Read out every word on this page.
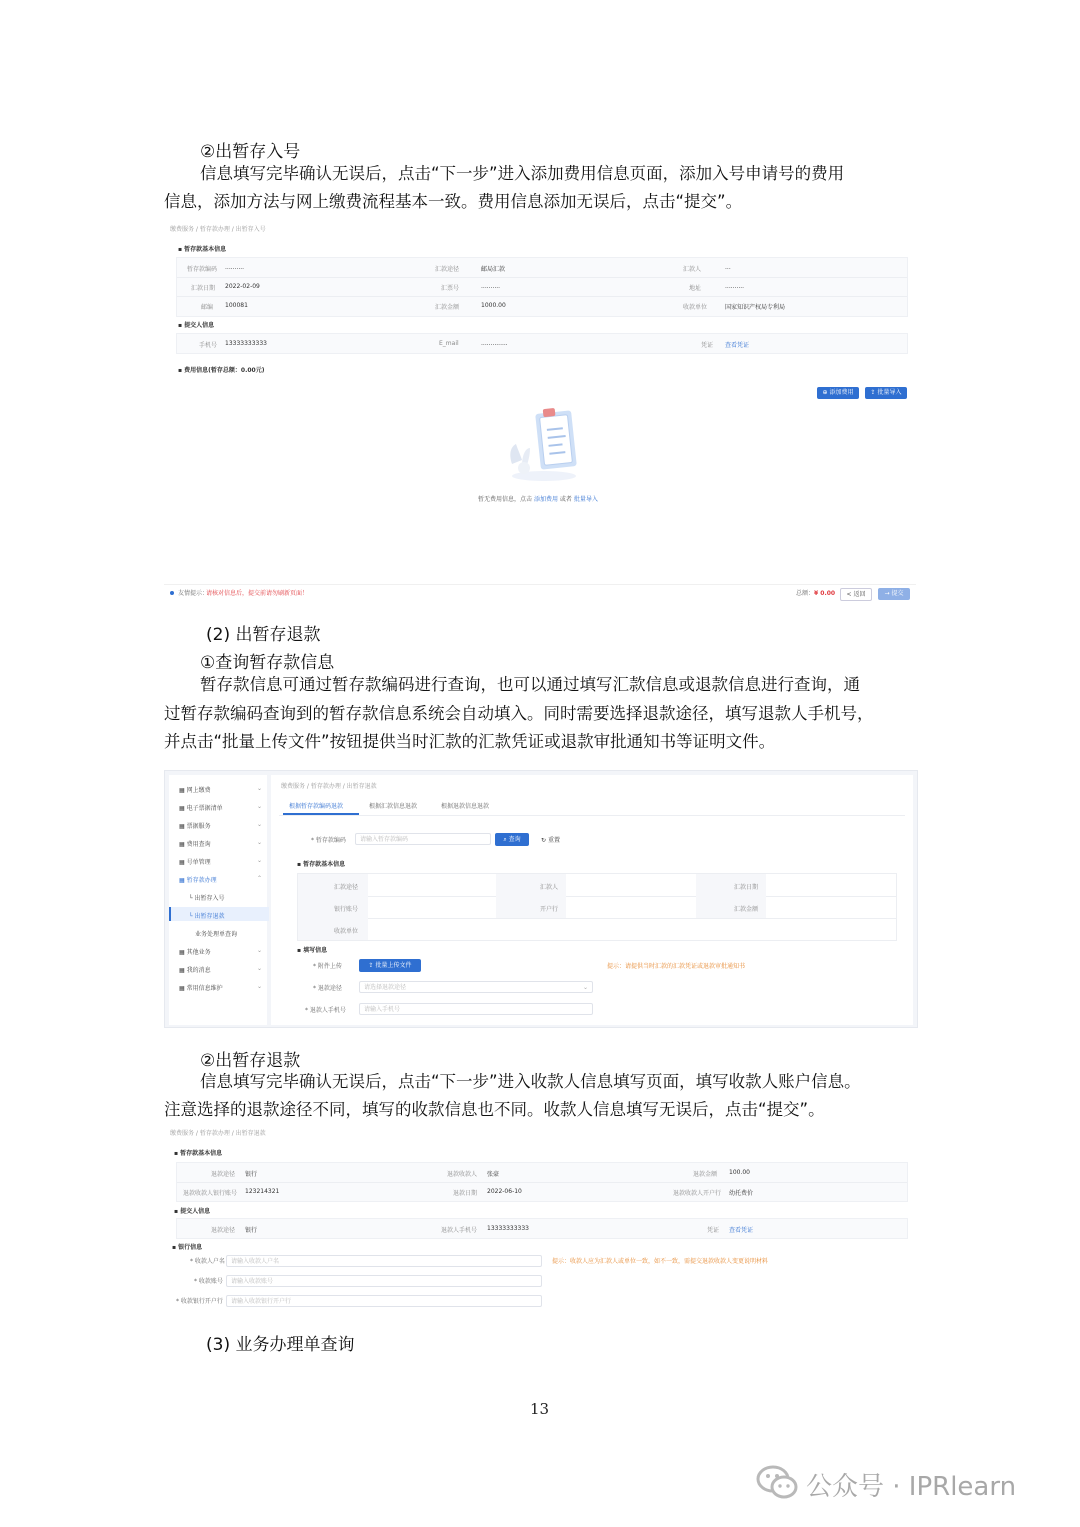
②出暂存入号
信息填写完毕确认无误后，点击“下一步”进入添加费用信息页面，添加入号申请号的费用
信息，添加方法与网上缴费流程基本一致。费用信息添加无误后，点击“提交”。
缴费服务 / 暂存款办理 / 出暂存入号
▪ 暂存款基本信息
暂存款编码 ..........	汇款途径	邮局汇款	汇款人	...
汇款日期 2022-02-09	汇票号	..........	地址	..........
邮编 100081	汇款金额	1000.00	收款单位	国家知识产权局专利局
▪ 提交人信息
手机号 13333333333	E_mail	..............	凭证 查看凭证
▪ 费用信息(暂存总额：0.00元)
⊕ 添加费用	⇪ 批量导入
暂无费用信息，点击 添加费用 或者 批量导入
友情提示：
请核对信息后，提交前请勿刷新页面！	总额： ¥ 0.00	< 返回	→ 提交
(2) 出暂存退款
①查询暂存款信息
暂存款信息可通过暂存款编码进行查询，也可以通过填写汇款信息或退款信息进行查询，通
过暂存款编码查询到的暂存款信息系统会自动填入。同时需要选择退款途径，填写退款人手机号，
并点击“批量上传文件”按钮提供当时汇款的汇款凭证或退款审批通知书等证明文件。
▦ 网上缴费	⌄
▦ 电子票据清单	⌄
▦ 票据服务	⌄
▦ 费用查询	⌄
▦ 号单管理	⌄
▦ 暂存款办理	⌃
└ 出暂存入号
└ 出暂存退款
业务处理单查询
▦ 其他业务	⌄
▦ 我的消息	⌄
▦ 常用信息维护	⌄
缴费服务 / 暂存款办理 / 出暂存退款
根据暂存款编码退款	根据汇款信息退款	根据退款信息退款
* 暂存款编码	请输入暂存款编码	⌕ 查询	↻ 重置
▪ 暂存款基本信息
汇款途径	汇款人	汇款日期
银行账号	开户行	汇款金额
收款单位
▪ 填写信息
* 附件上传	⇪ 批量上传文件	提示：请提供当时汇款的汇款凭证或退款审批通知书
* 退款途径	请选择退款途径	⌄
* 退款人手机号	请输入手机号
②出暂存退款
信息填写完毕确认无误后，点击“下一步”进入收款人信息填写页面，填写收款人账户信息。
注意选择的退款途径不同，填写的收款信息也不同。收款人信息填写无误后，点击“提交”。
缴费服务 / 暂存款办理 / 出暂存退款
▪ 暂存款基本信息
退款途径 银行	退款收款人 张豪	退款金额 100.00
退款收款人银行账号 123214321	退款日期 2022-06-10	退款收款人开户行 幼托费价
▪ 提交人信息
退款途径 银行	退款人手机号 13333333333	凭证 查看凭证
▪ 银行信息
* 收款人户名	请输入收款人户名	提示：收款人应为汇款人或单位一致，如不一致，需提交退款收款人变更说明材料
* 收款账号	请输入收款账号
* 收款银行开户行	请输入收款银行开户行
(3) 业务办理单查询
13
公众号 · IPRlearn
